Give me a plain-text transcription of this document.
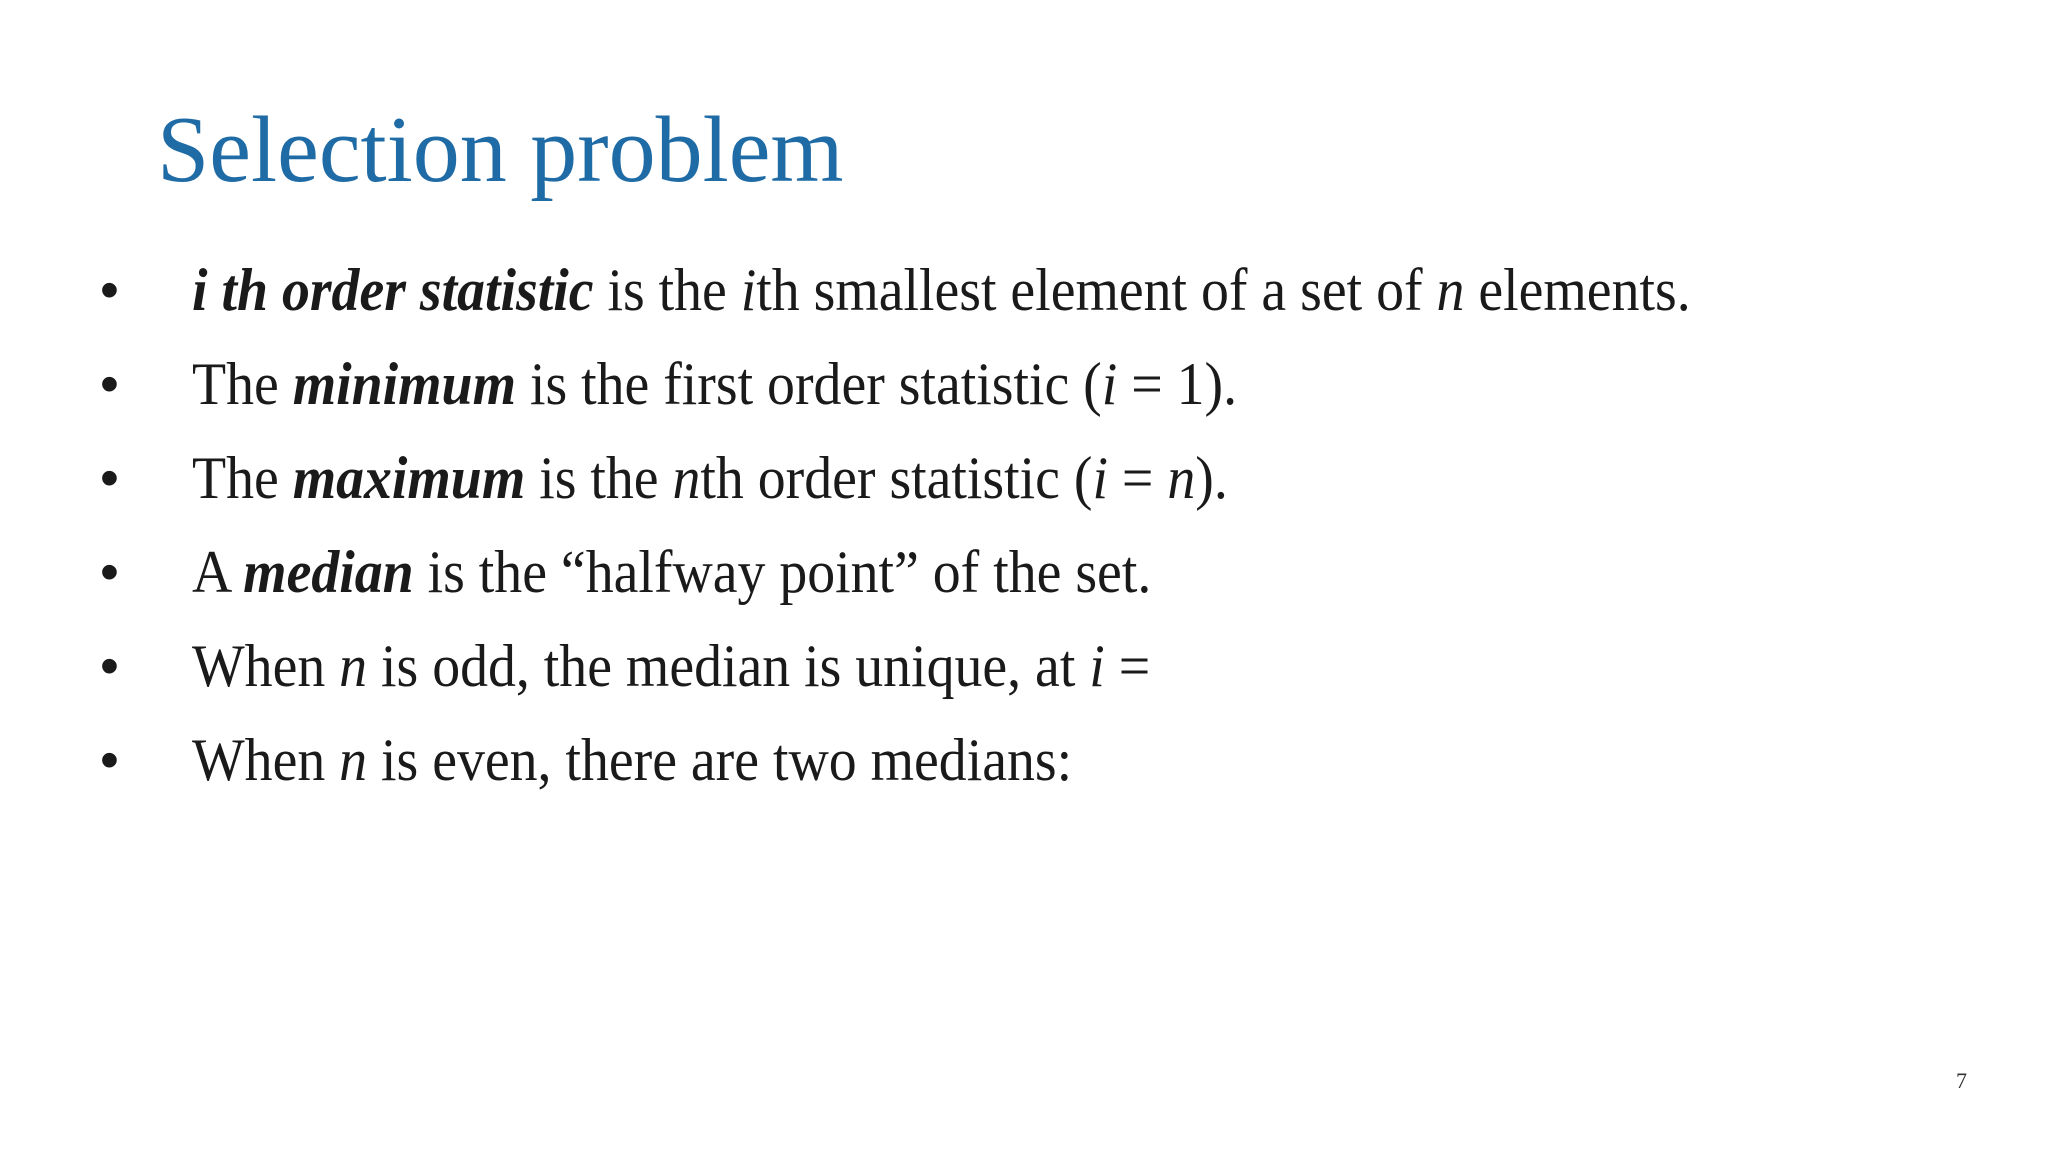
Selection problem
•	i th order statistic is the ith smallest element of a set of n elements.
•	The minimum is the first order statistic (i = 1).
•	The maximum is the nth order statistic (i = n).
•	A median is the “halfway point” of the set.
•	When n is odd, the median is unique, at i =
•	When n is even, there are two medians:
7
